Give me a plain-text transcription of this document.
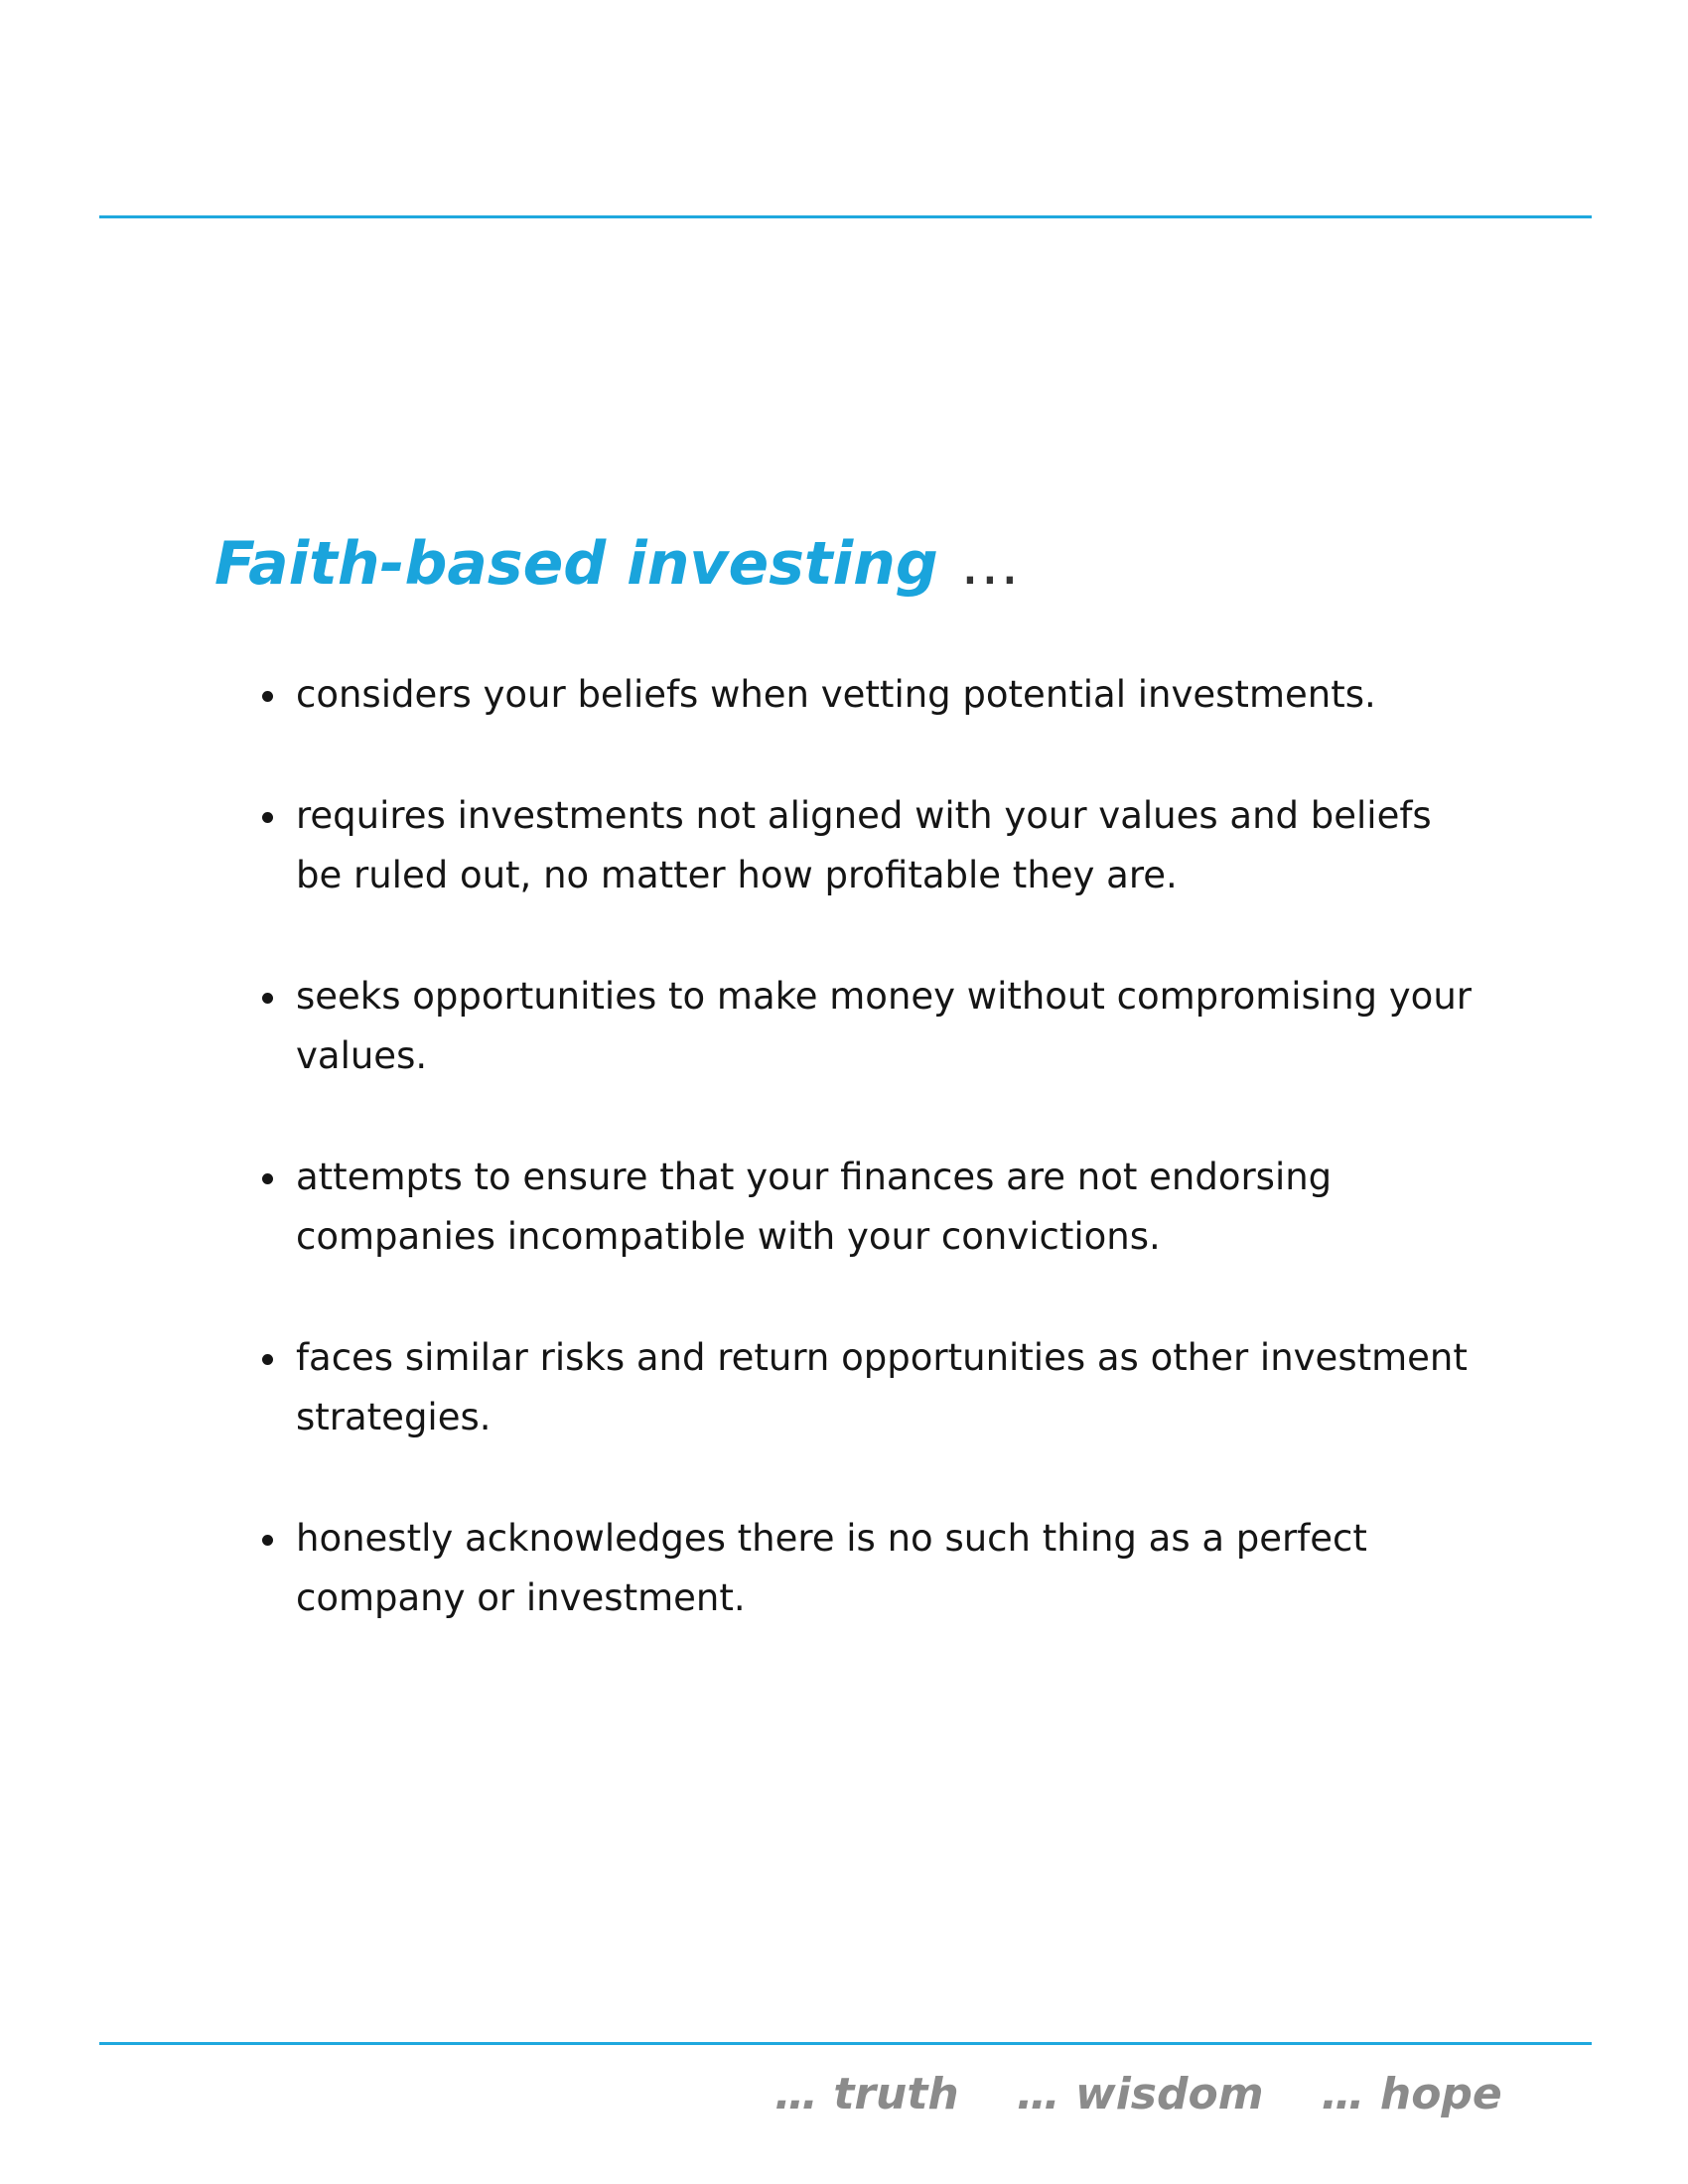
Faith-based investing …
considers your beliefs when vetting potential investments.
requires investments not aligned with your values and beliefs be ruled out, no matter how profitable they are.
seeks opportunities to make money without compromising your values.
attempts to ensure that your finances are not endorsing companies incompatible with your convictions.
faces similar risks and return opportunities as other investment strategies.
honestly acknowledges there is no such thing as a perfect company or investment.
… truth … wisdom … hope
